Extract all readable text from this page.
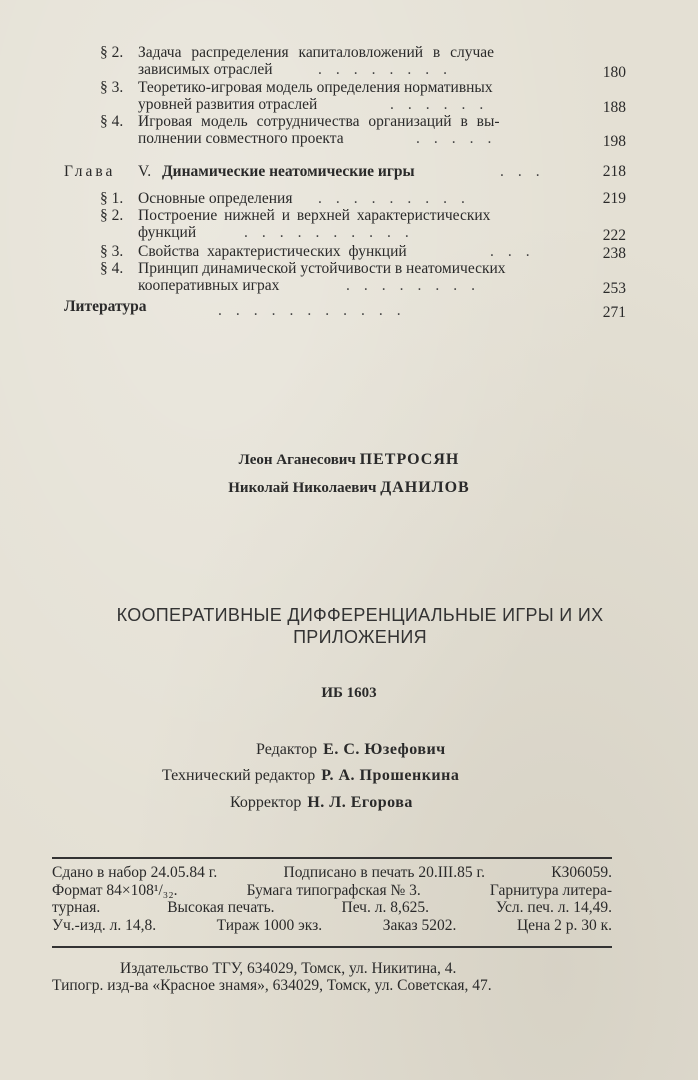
§ 2. Задача распределения капиталовложений в случае
зависимых отраслей	........	180
§ 3. Теоретико-игровая модель определения нормативных
уровней развития отраслей	......	188
§ 4. Игровая модель сотрудничества организаций в вы-
полнении совместного проекта	.....	198
Глава V. Динамические неатомические игры	...	218
§ 1. Основные определения .........	219
§ 2. Построение нижней и верхней характеристических
функций	..........	222
§ 3. Свойства характеристических функций	...	238
§ 4. Принцип динамической устойчивости в неатомических
кооперативных играх	........	253
Литература	...........	271
Леон Аганесович ПЕТРОСЯН
Николай Николаевич ДАНИЛОВ
КООПЕРАТИВНЫЕ ДИФФЕРЕНЦИАЛЬНЫЕ ИГРЫ И ИХ
ПРИЛОЖЕНИЯ
ИБ 1603
Редактор Е. С. Юзефович
Технический редактор Р. А. Прошенкина
Корректор Н. Л. Егорова
Сдано в набор 24.05.84 г.	Подписано в печать 20.III.85 г.	КЗ06059.
Формат 84×108¹/₃₂.	Бумага типографская № 3.	Гарнитура литера-
турная.	Высокая печать.	Печ. л. 8,625.	Усл. печ. л. 14,49.
Уч.-изд. л. 14,8.	Тираж 1000 экз.	Заказ 5202.	Цена 2 р. 30 к.
Издательство ТГУ, 634029, Томск, ул. Никитина, 4.
Типогр. изд-ва «Красное знамя», 634029, Томск, ул. Советская, 47.
